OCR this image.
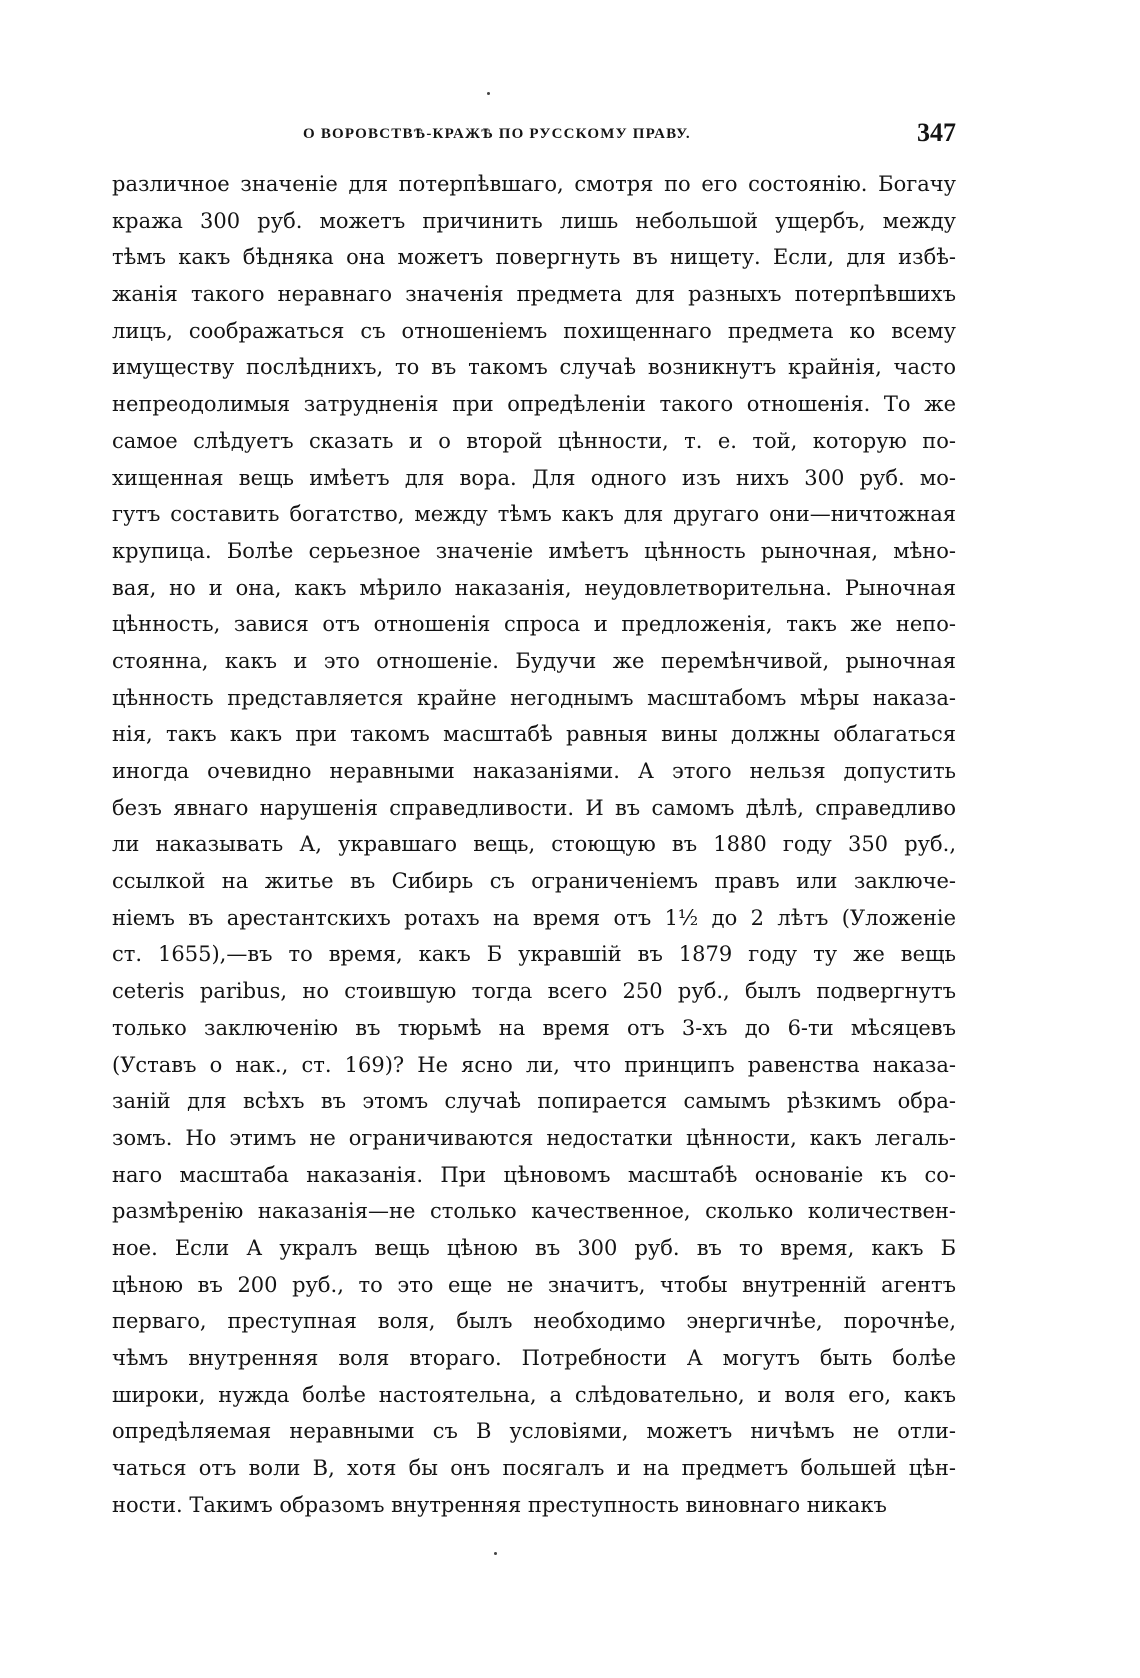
О ВОРОВСТВѢ-КРАЖѢ ПО РУССКОМУ ПРАВУ.	347
различное значеніе для потерпѣвшаго, смотря по его состоянію. Богачу
кража 300 руб. можетъ причинить лишь небольшой ущербъ, между
тѣмъ какъ бѣдняка она можетъ повергнуть въ нищету. Если, для избѣ-
жанія такого неравнаго значенія предмета для разныхъ потерпѣвшихъ
лицъ, соображаться съ отношеніемъ похищеннаго предмета ко всему
имуществу послѣднихъ, то въ такомъ случаѣ возникнутъ крайнія, часто
непреодолимыя затрудненія при опредѣленіи такого отношенія. То же
самое слѣдуетъ сказать и о второй цѣнности, т. е. той, которую по-
хищенная вещь имѣетъ для вора. Для одного изъ нихъ 300 руб. мо-
гутъ составить богатство, между тѣмъ какъ для другаго они—ничтожная
крупица. Болѣе серьезное значеніе имѣетъ цѣнность рыночная, мѣно-
вая, но и она, какъ мѣрило наказанія, неудовлетворительна. Рыночная
цѣнность, завися отъ отношенія спроса и предложенія, такъ же непо-
стоянна, какъ и это отношеніе. Будучи же перемѣнчивой, рыночная
цѣнность представляется крайне негоднымъ масштабомъ мѣры наказа-
нія, такъ какъ при такомъ масштабѣ равныя вины должны облагаться
иногда очевидно неравными наказаніями. А этого нельзя допустить
безъ явнаго нарушенія справедливости. И въ самомъ дѣлѣ, справедливо
ли наказывать А, укравшаго вещь, стоющую въ 1880 году 350 руб.,
ссылкой на житье въ Сибирь съ ограниченіемъ правъ или заключе-
ніемъ въ арестантскихъ ротахъ на время отъ 1½ до 2 лѣтъ (Уложеніе
ст. 1655),—въ то время, какъ Б укравшій въ 1879 году ту же вещь
ceteris paribus, но стоившую тогда всего 250 руб., былъ подвергнутъ
только заключенію въ тюрьмѣ на время отъ 3-хъ до 6-ти мѣсяцевъ
(Уставъ о нак., ст. 169)? Не ясно ли, что принципъ равенства наказа-
заній для всѣхъ въ этомъ случаѣ попирается самымъ рѣзкимъ обра-
зомъ. Но этимъ не ограничиваются недостатки цѣнности, какъ легаль-
наго масштаба наказанія. При цѣновомъ масштабѣ основаніе къ со-
размѣренію наказанія—не столько качественное, сколько количествен-
ное. Если А укралъ вещь цѣною въ 300 руб. въ то время, какъ Б
цѣною въ 200 руб., то это еще не значитъ, чтобы внутренній агентъ
перваго, преступная воля, былъ необходимо энергичнѣе, порочнѣе,
чѣмъ внутренняя воля втораго. Потребности А могутъ быть болѣе
широки, нужда болѣе настоятельна, а слѣдовательно, и воля его, какъ
опредѣляемая неравными съ В условіями, можетъ ничѣмъ не отли-
чаться отъ воли В, хотя бы онъ посягалъ и на предметъ большей цѣн-
ности. Такимъ образомъ внутренняя преступность виновнаго никакъ
